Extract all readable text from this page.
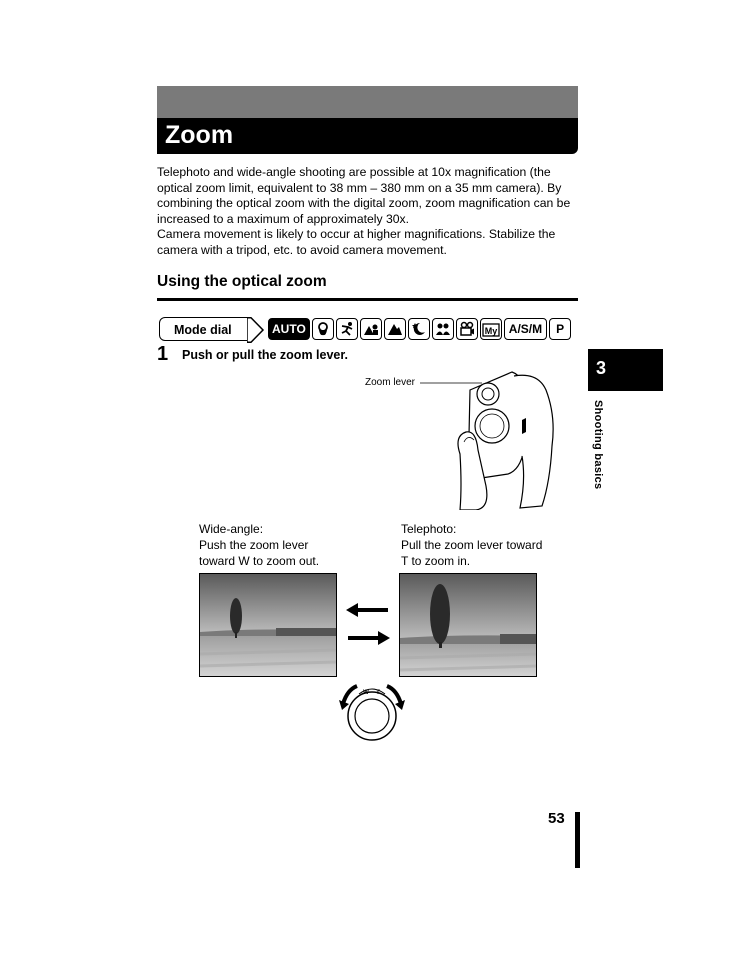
Zoom

Telephoto and wide-angle shooting are possible at 10x magnification (the optical zoom limit, equivalent to 38 mm – 380 mm on a 35 mm camera). By combining the optical zoom with the digital zoom, zoom magnification can be increased to a maximum of approximately 30x.

Camera movement is likely to occur at higher magnifications. Stabilize the camera with a tripod, etc. to avoid camera movement.

Using the optical zoom
Mode dial	AUTO	My A/S/M	P
1 Push or pull the zoom lever.
Zoom lever
Wide-angle:
Push the zoom lever
toward W to zoom out.
Telephoto:
Pull the zoom lever toward
T to zoom in.
W T
3
Shooting basics
53
